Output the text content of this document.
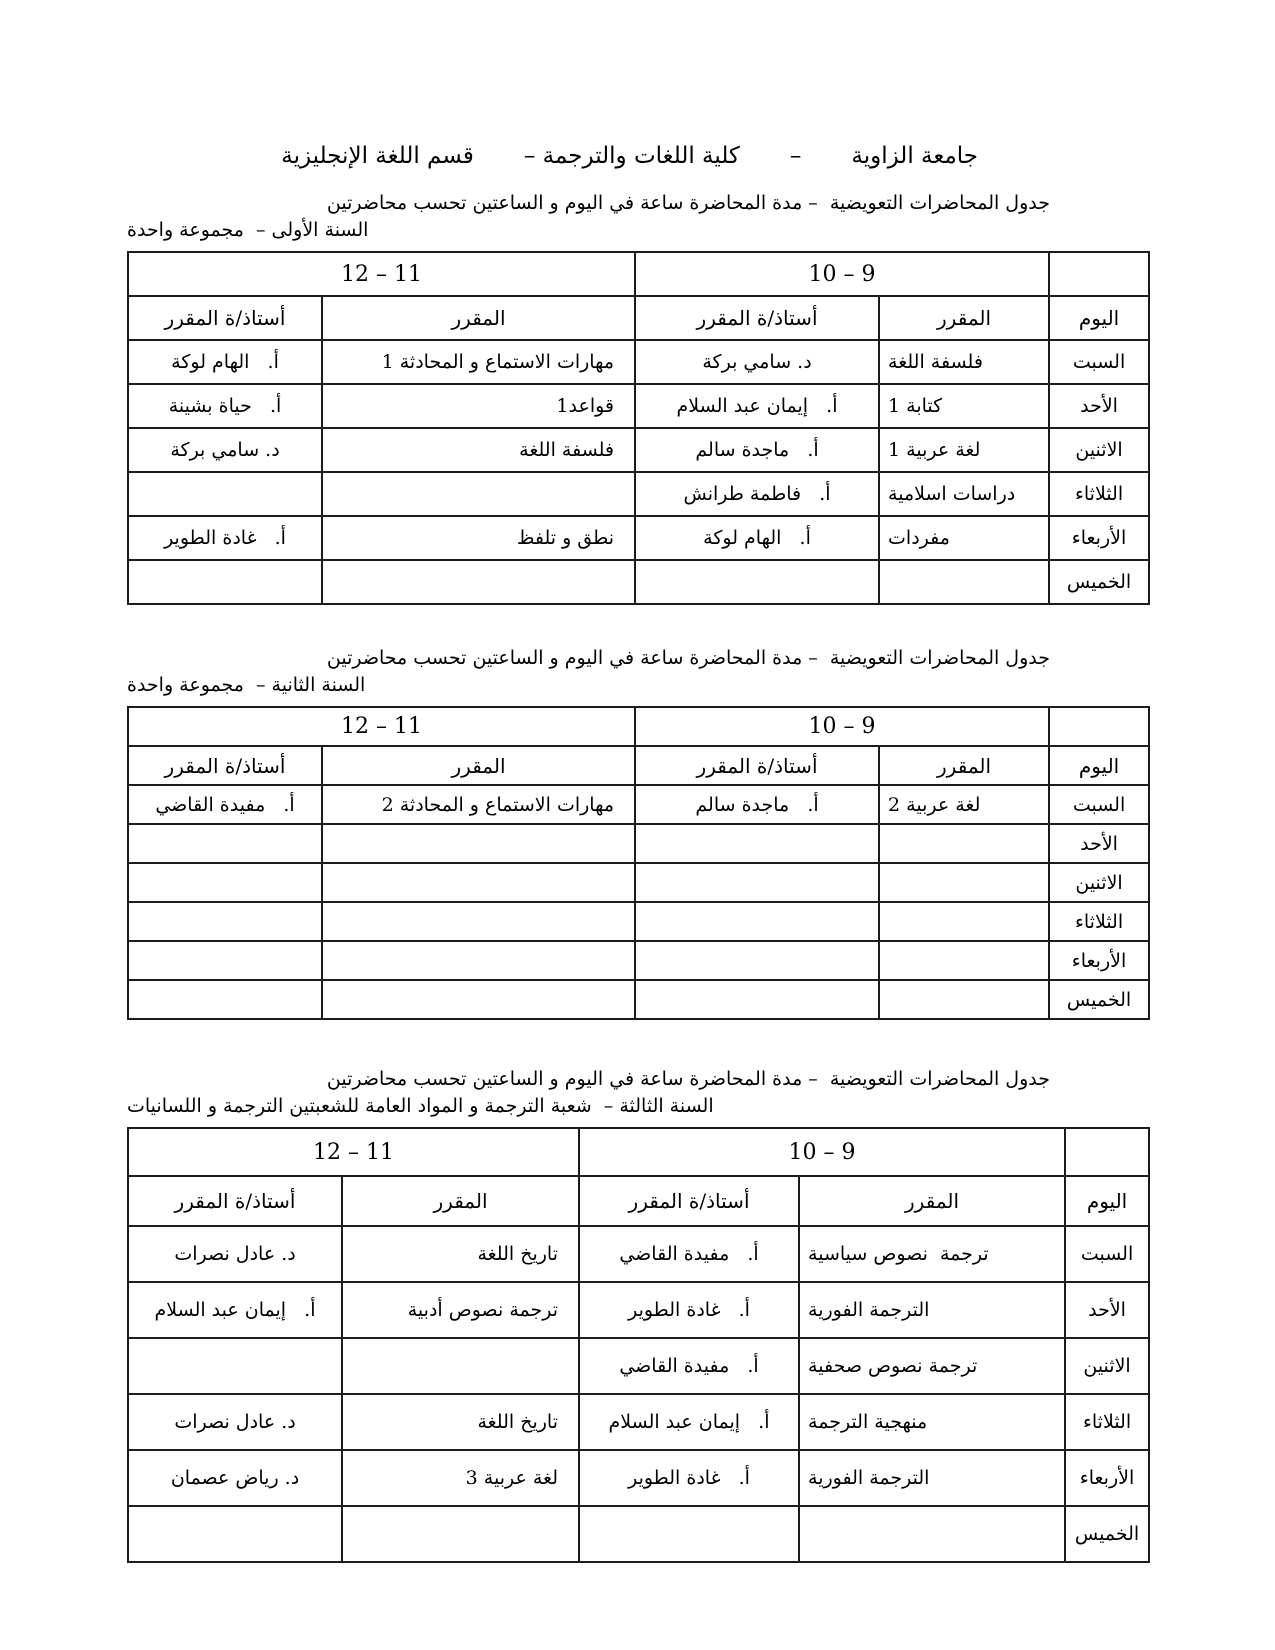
جامعة الزاوية
–
كلية اللغات والترجمة –
قسم اللغة الإنجليزية
جدول المحاضرات التعويضية  – مدة المحاضرة ساعة في اليوم و الساعتين تحسب محاضرتين
السنة الأولى –  مجموعة واحدة
	10 – 9		12 – 11	
اليوم	المقرر	أستاذ/ة المقرر	المقرر	أستاذ/ة المقرر
السبت	فلسفة اللغة	د. سامي بركة	مهارات الاستماع و المحادثة 1	أ.   الهام لوكة
الأحد	كتابة 1	أ.   إيمان عبد السلام	قواعد1	أ.   حياة بشينة
الاثنين	لغة عربية 1	أ.   ماجدة سالم	فلسفة اللغة	د. سامي بركة
الثلاثاء	دراسات اسلامية	أ.   فاطمة طرانش		
الأربعاء	مفردات	أ.   الهام لوكة	نطق و تلفظ	أ.   غادة الطوير
الخميس				
جدول المحاضرات التعويضية  – مدة المحاضرة ساعة في اليوم و الساعتين تحسب محاضرتين
السنة الثانية –  مجموعة واحدة
	10 – 9		12 – 11	
اليوم	المقرر	أستاذ/ة المقرر	المقرر	أستاذ/ة المقرر
السبت	لغة عربية 2	أ.   ماجدة سالم	مهارات الاستماع و المحادثة 2	أ.   مفيدة القاضي
الأحد				
الاثنين				
الثلاثاء				
الأربعاء				
الخميس				
جدول المحاضرات التعويضية  – مدة المحاضرة ساعة في اليوم و الساعتين تحسب محاضرتين
السنة الثالثة –  شعبة الترجمة و المواد العامة للشعبتين الترجمة و اللسانيات
	10 – 9		12 – 11	
اليوم	المقرر	أستاذ/ة المقرر	المقرر	أستاذ/ة المقرر
السبت	ترجمة  نصوص سياسية	أ.   مفيدة القاضي	تاريخ اللغة	د. عادل نصرات
الأحد	الترجمة الفورية	أ.   غادة الطوير	ترجمة نصوص أدبية	أ.   إيمان عبد السلام
الاثنين	ترجمة نصوص صحفية	أ.   مفيدة القاضي		
الثلاثاء	منهجية الترجمة	أ.   إيمان عبد السلام	تاريخ اللغة	د. عادل نصرات
الأربعاء	الترجمة الفورية	أ.   غادة الطوير	لغة عربية 3	د. رياض عصمان
الخميس				
